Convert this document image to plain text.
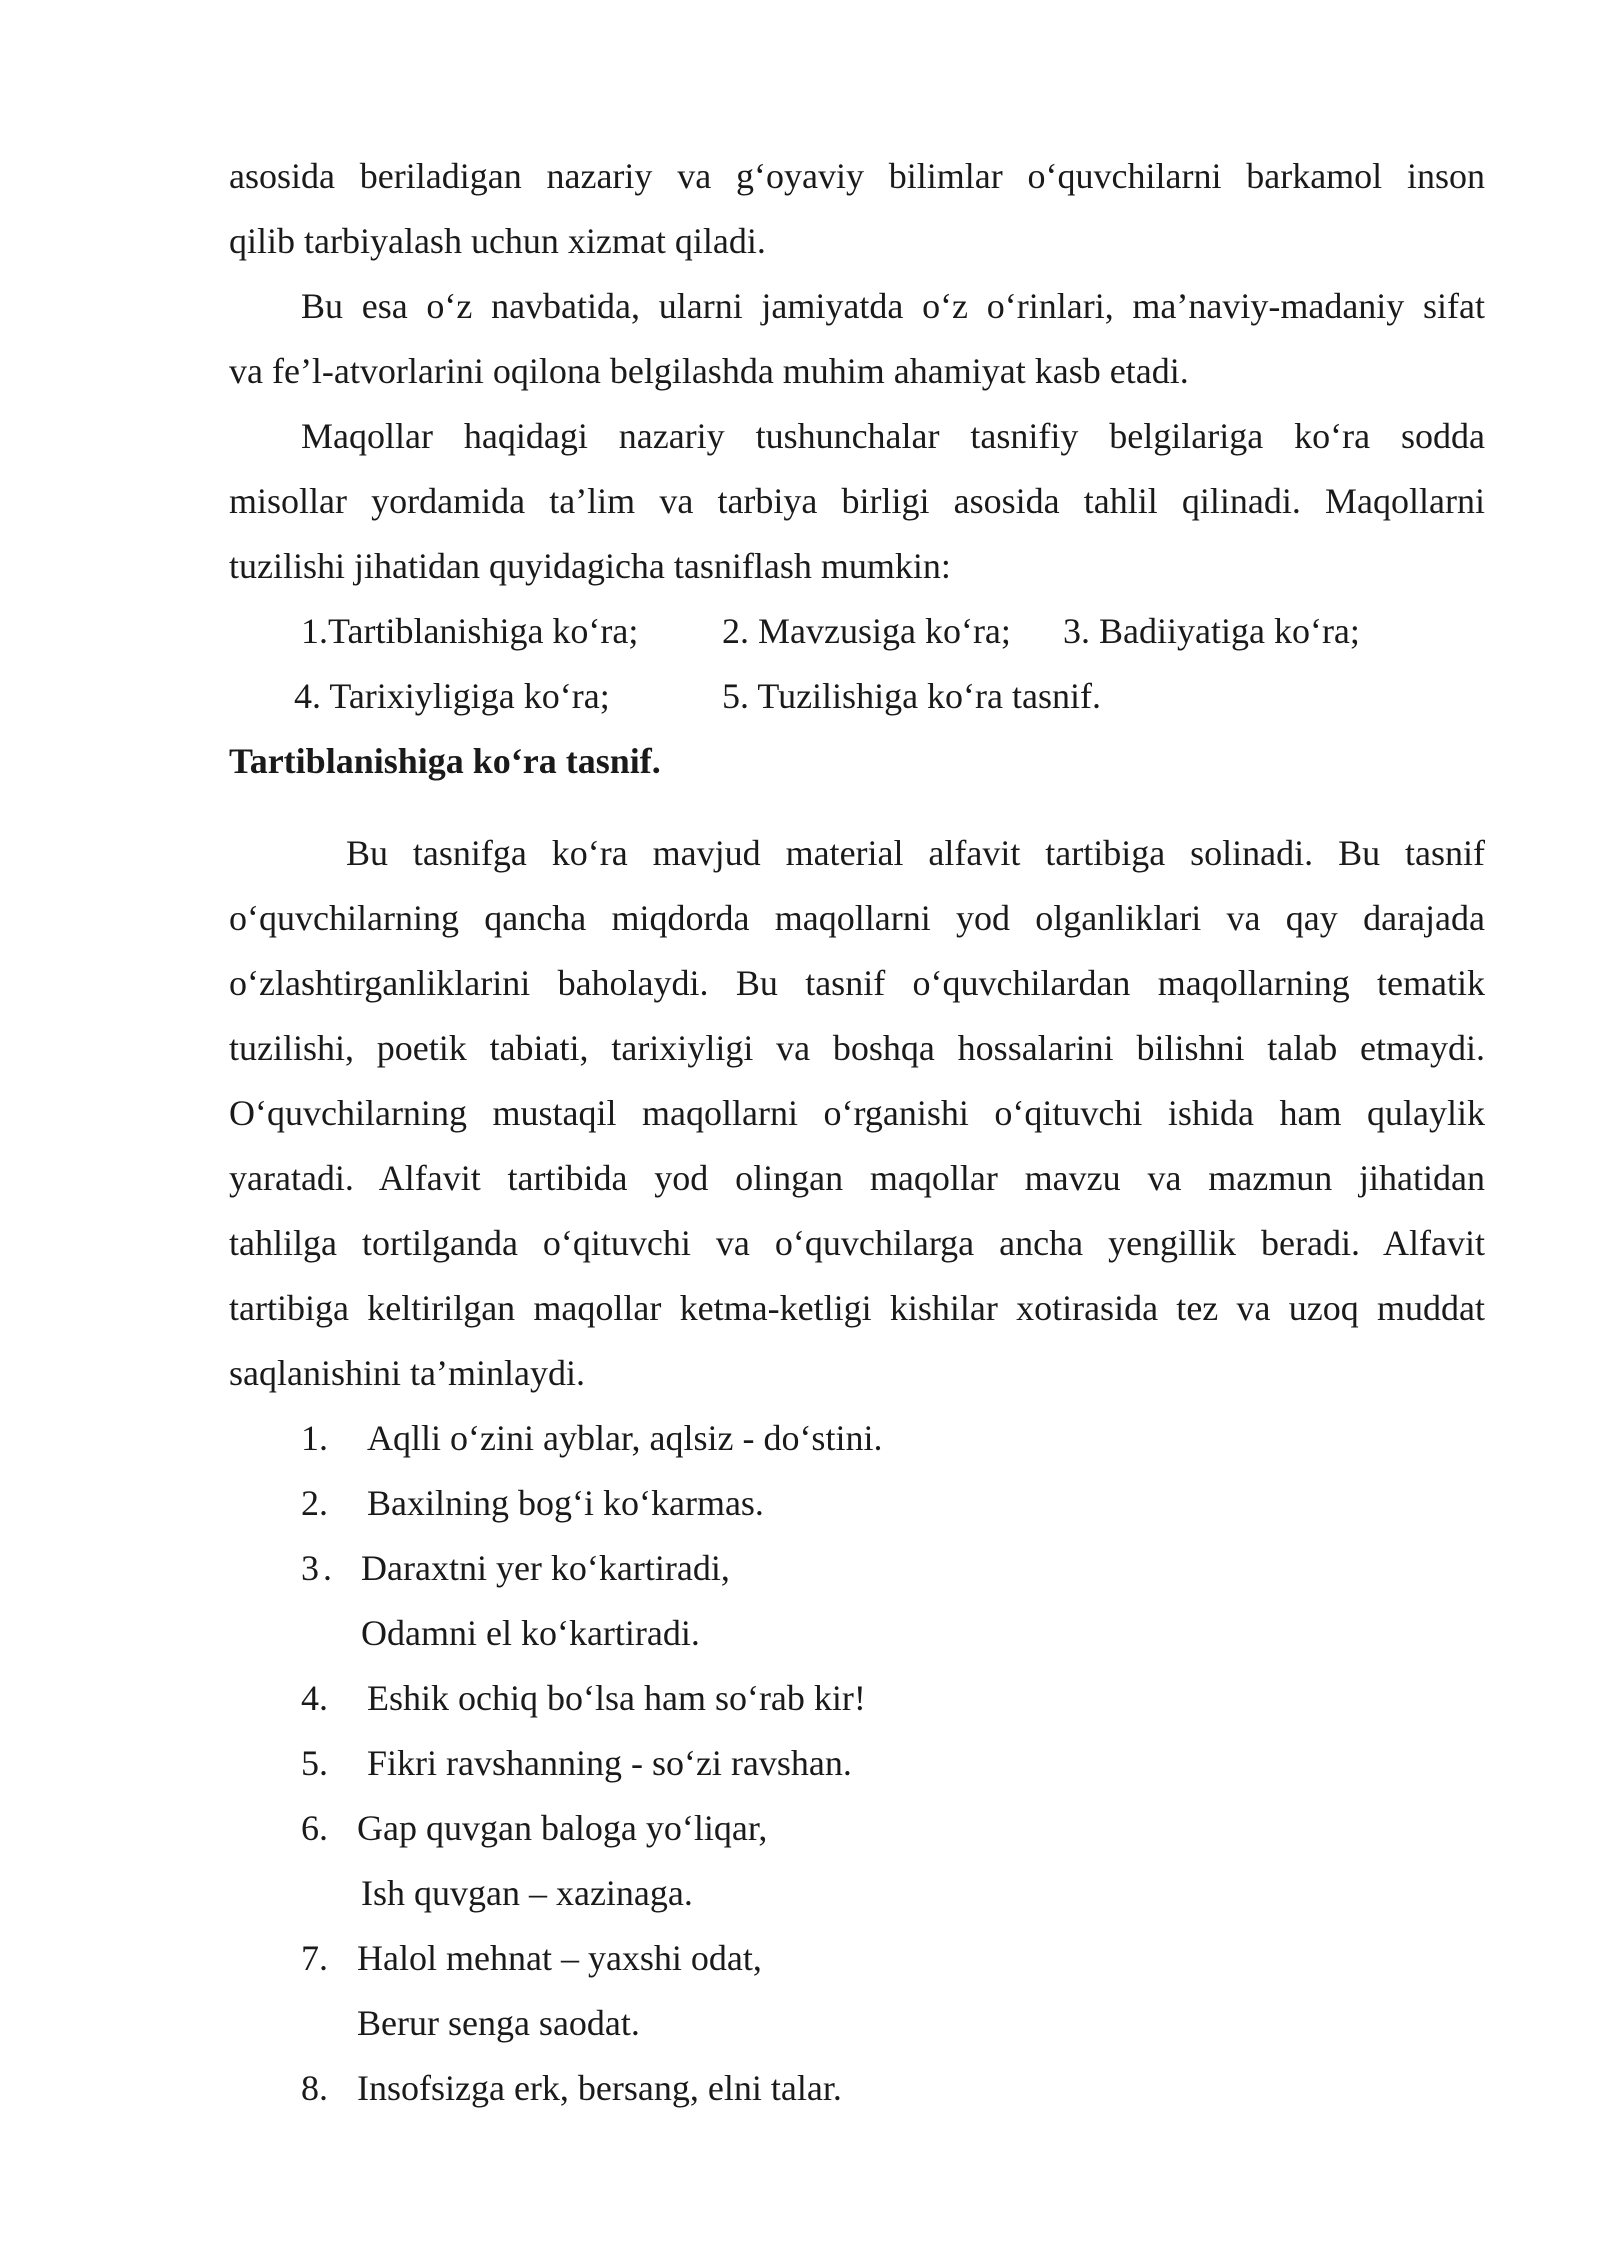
asosida beriladigan nazariy va g‘oyaviy bilimlar o‘quvchilarni barkamol inson
qilib tarbiyalash uchun xizmat qiladi.
Bu esa o‘z navbatida, ularni jamiyatda o‘z o‘rinlari, ma’naviy-madaniy sifat
va fe’l-atvorlarini oqilona belgilashda muhim ahamiyat kasb etadi.
Maqollar haqidagi nazariy tushunchalar tasnifiy belgilariga ko‘ra sodda
misollar yordamida ta’lim va tarbiya birligi asosida tahlil qilinadi. Maqollarni
tuzilishi jihatidan quyidagicha tasniflash mumkin:
1.Tartiblanishiga ko‘ra; 2. Mavzusiga ko‘ra; 3. Badiiyatiga ko‘ra;
4. Tarixiyligiga ko‘ra;	5. Tuzilishiga ko‘ra tasnif.
Tartiblanishiga ko‘ra tasnif.
Bu tasnifga ko‘ra mavjud material alfavit tartibiga solinadi. Bu tasnif
o‘quvchilarning qancha miqdorda maqollarni yod olganliklari va qay darajada
o‘zlashtirganliklarini baholaydi. Bu tasnif o‘quvchilardan maqollarning tematik
tuzilishi, poetik tabiati, tarixiyligi va boshqa hossalarini bilishni talab etmaydi.
O‘quvchilarning mustaqil maqollarni o‘rganishi o‘qituvchi ishida ham qulaylik
yaratadi. Alfavit tartibida yod olingan maqollar mavzu va mazmun jihatidan
tahlilga tortilganda o‘qituvchi va o‘quvchilarga ancha yengillik beradi. Alfavit
tartibiga keltirilgan maqollar ketma-ketligi kishilar xotirasida tez va uzoq muddat
saqlanishini ta’minlaydi.
1. Aqlli o‘zini ayblar, aqlsiz - do‘stini.
2. Baxilning bog‘i ko‘karmas.
3. Daraxtni yer ko‘kartiradi,
Odamni el ko‘kartiradi.
4. Eshik ochiq bo‘lsa ham so‘rab kir!
5. Fikri ravshanning - so‘zi ravshan.
6. Gap quvgan baloga yo‘liqar,
Ish quvgan – xazinaga.
7. Halol mehnat – yaxshi odat,
Berur senga saodat.
8. Insofsizga erk, bersang, elni talar.
